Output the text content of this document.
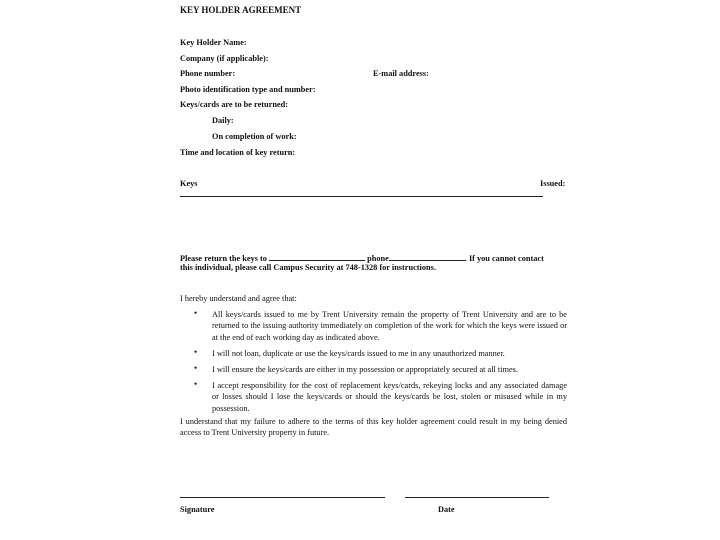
KEY HOLDER AGREEMENT
Key Holder Name:
Company (if applicable):
Phone number:	E-mail address:
Photo identification type and number:
Keys/cards are to be returned:
Daily:
On completion of work:
Time and location of key return:
Keys	Issued:
Please return the keys to	phone	. If you cannot contact
this individual, please call Campus Security at 748-1328 for instructions.
I hereby understand and agree that:
• All keys/cards issued to me by Trent University remain the property of Trent University and are to be returned to the issuing authority immediately on completion of the work for which the keys were issued or at the end of each working day as indicated above.
• I will not loan, duplicate or use the keys/cards issued to me in any unauthorized manner.
• I will ensure the keys/cards are either in my possession or appropriately secured at all times.
• I accept responsibility for the cost of replacement keys/cards, rekeying locks and any associated damage or losses should I lose the keys/cards or should the keys/cards be lost, stolen or misused while in my possession.
I understand that my failure to adhere to the terms of this key holder agreement could result in my being denied access to Trent University property in future.
Signature	Date
